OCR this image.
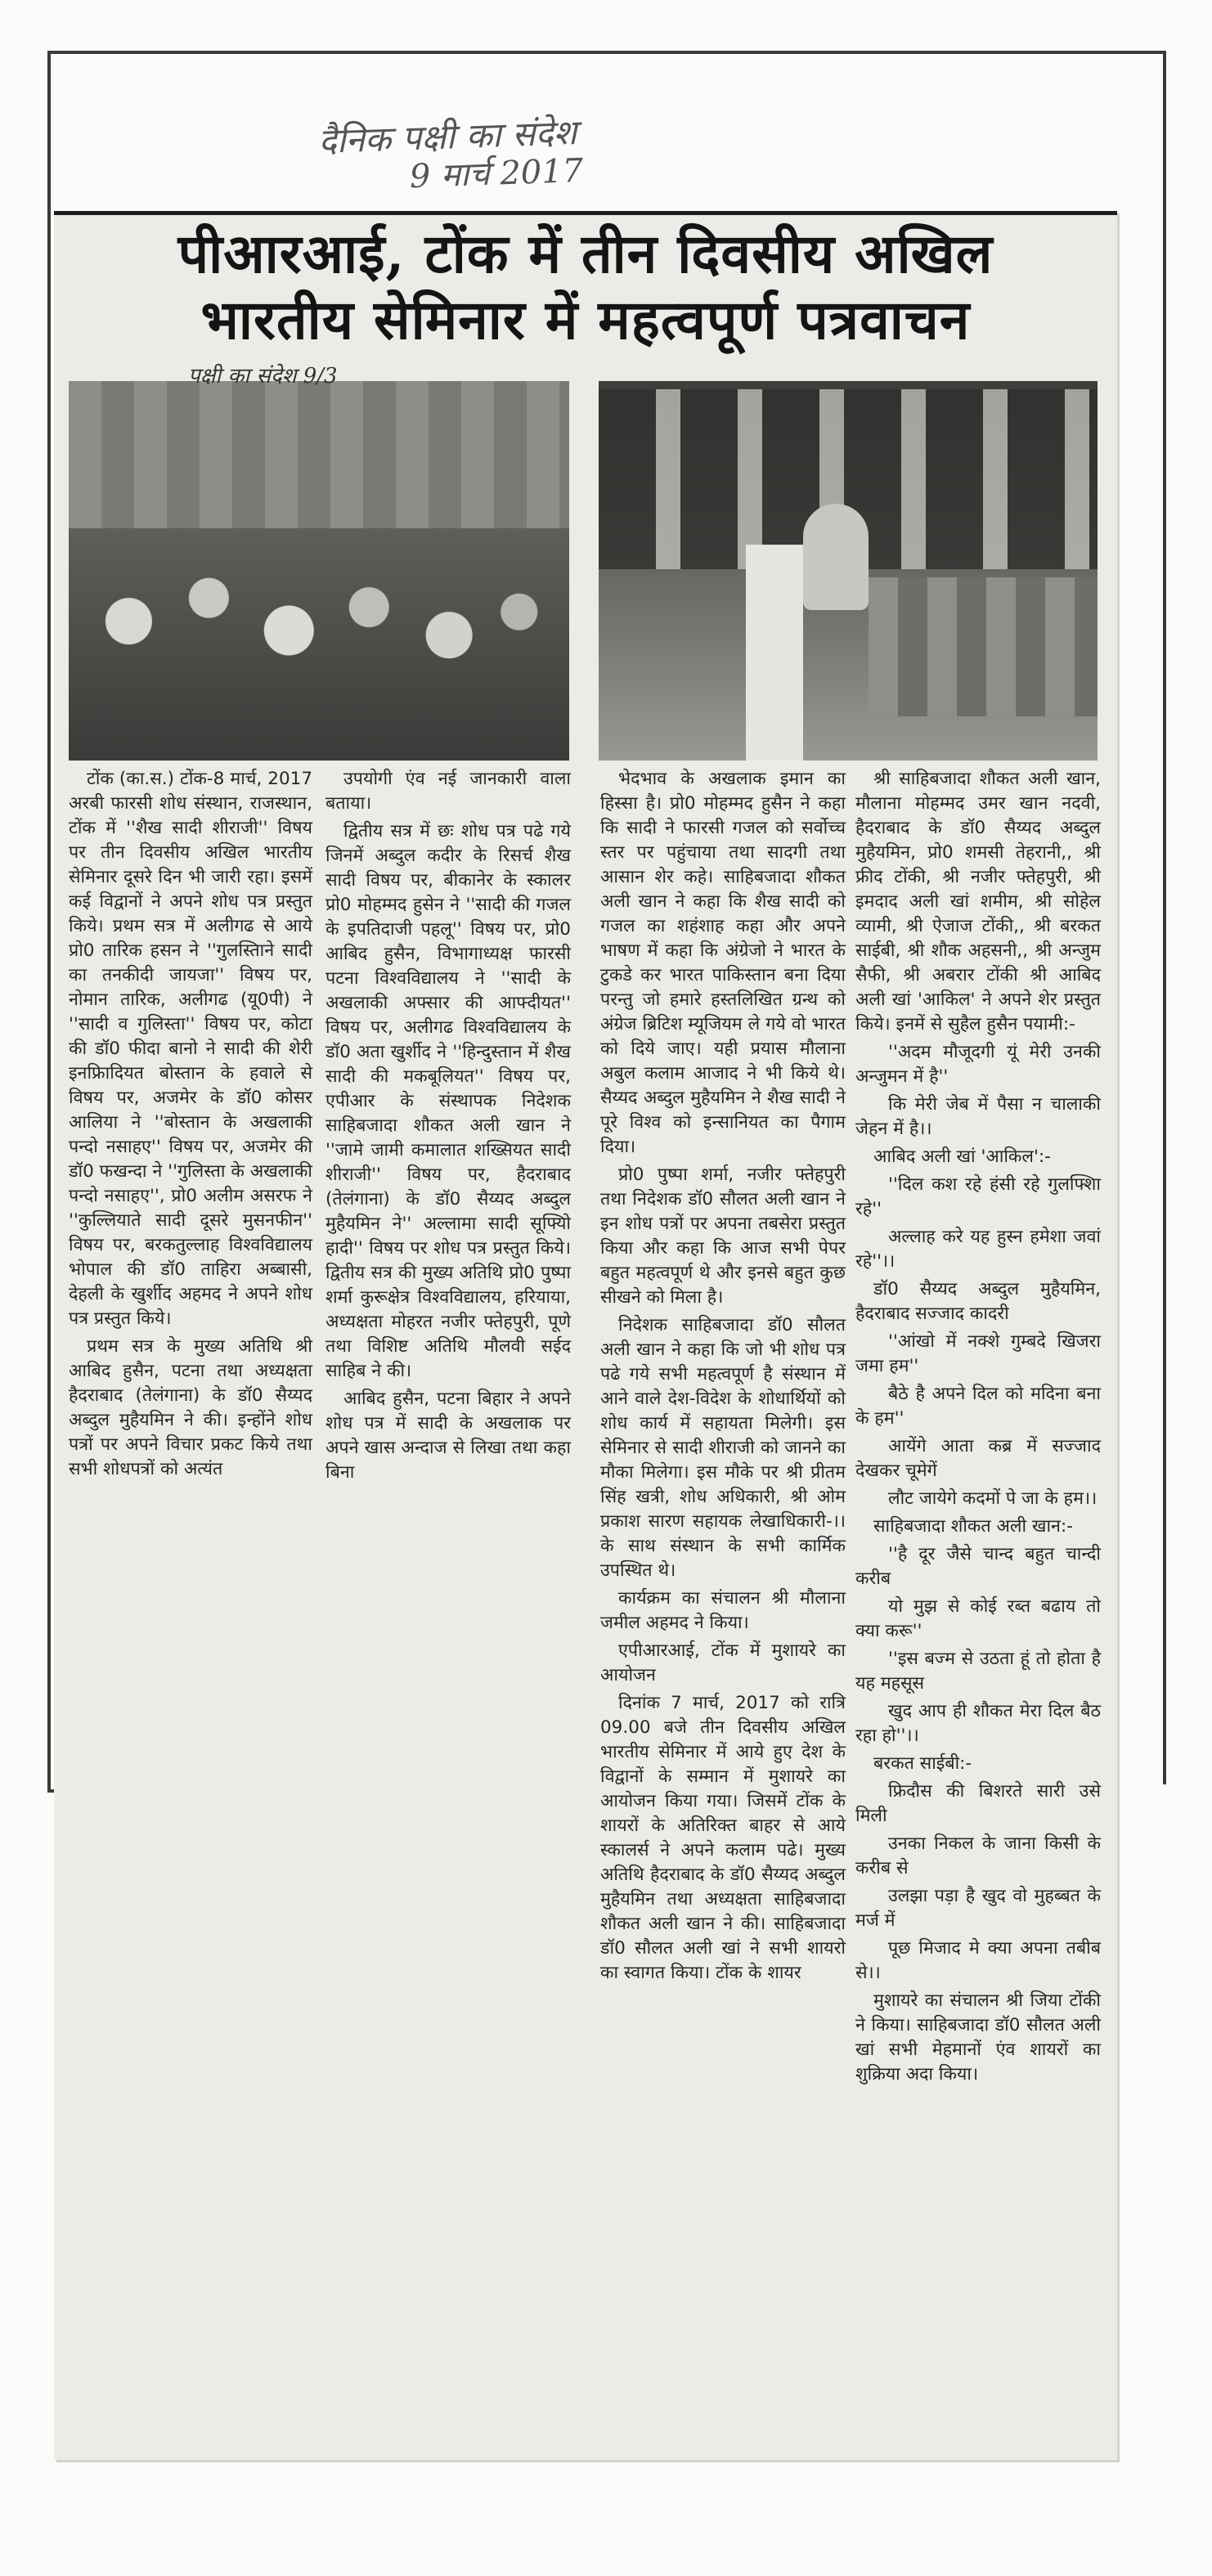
दैनिक पक्षी का संदेश
9 मार्च 2017
पीआरआई, टोंक में तीन दिवसीय अखिल
भारतीय सेमिनार में महत्वपूर्ण पत्रवाचन
पक्षी का संदेश 9/3

टोंक (का.स.) टोंक-8 मार्च, 2017 अरबी फारसी शोध संस्थान, राजस्थान, टोंक में ''शैख सादी शीराजी'' विषय पर तीन दिवसीय अखिल भारतीय सेमिनार दूसरे दिन भी जारी रहा। इसमें कई विद्वानों ने अपने शोध पत्र प्रस्तुत किये। प्रथम सत्र में अलीगढ से आये प्रो0 तारिक हसन ने ''गुलस्तिाने सादी का तनकीदी जायजा'' विषय पर, नोमान तारिक, अलीगढ (यू0पी) ने ''सादी व गुलिस्ता'' विषय पर, कोटा की डॉ0 फीदा बानो ने सादी की शेरी इनफ्रिादियत बोस्तान के हवाले से विषय पर, अजमेर के डॉ0 कोसर आलिया ने ''बोस्तान के अखलाकी पन्दो नसाहए'' विषय पर, अजमेर की डॉ0 फखन्दा ने ''गुलिस्ता के अखलाकी पन्दो नसाहए'', प्रो0 अलीम असरफ ने ''कुल्लियाते सादी दूसरे मुसनफीन'' विषय पर, बरकतुल्लाह विश्वविद्यालय भोपाल की डॉ0 ताहिरा अब्बासी, देहली के खुर्शीद अहमद ने अपने शोध पत्र प्रस्तुत किये।

प्रथम सत्र के मुख्य अतिथि श्री आबिद हुसैन, पटना तथा अध्यक्षता हैदराबाद (तेलंगाना) के डॉ0 सैय्यद अब्दुल मुहैयमिन ने की। इन्होंने शोध पत्रों पर अपने विचार प्रकट किये तथा सभी शोधपत्रों को अत्यंत

उपयोगी एंव नई जानकारी वाला बताया।

द्वितीय सत्र में छः शोध पत्र पढे गये जिनमें अब्दुल कदीर के रिसर्च शैख सादी विषय पर, बीकानेर के स्कालर प्रो0 मोहम्मद हुसेन ने ''सादी की गजल के इपतिदाजी पहलू'' विषय पर, प्रो0 आबिद हुसैन, विभागाध्यक्ष फारसी पटना विश्वविद्यालय ने ''सादी के अखलाकी अफ्सार की आफ्दीयत'' विषय पर, अलीगढ विश्वविद्यालय के डॉ0 अता खुर्शीद ने ''हिन्दुस्तान में शैख सादी की मकबूलियत'' विषय पर, एपीआर के संस्थापक निदेशक साहिबजादा शौकत अली खान ने ''जामे जामी कमालात शख्सियत सादी शीराजी'' विषय पर, हैदराबाद (तेलंगाना) के डॉ0 सैय्यद अब्दुल मुहैयमिन ने'' अल्लामा सादी सूफ्यिो हादी'' विषय पर शोध पत्र प्रस्तुत किये। द्वितीय सत्र की मुख्य अतिथि प्रो0 पुष्पा शर्मा कुरूक्षेत्र विश्वविद्यालय, हरियाया, अध्यक्षता मोहरत नजीर फ्तेहपुरी, पूणे तथा विशिष्ट अतिथि मौलवी सईद साहिब ने की।

आबिद हुसैन, पटना बिहार ने अपने शोध पत्र में सादी के अखलाक पर अपने खास अन्दाज से लिखा तथा कहा बिना

भेदभाव के अखलाक इमान का हिस्सा है। प्रो0 मोहम्मद हुसैन ने कहा कि सादी ने फारसी गजल को सर्वोच्च स्तर पर पहुंचाया तथा सादगी तथा आसान शेर कहे। साहिबजादा शौकत अली खान ने कहा कि शैख सादी को गजल का शहंशाह कहा और अपने भाषण में कहा कि अंग्रेजो ने भारत के टुकडे कर भारत पाकिस्तान बना दिया परन्तु जो हमारे हस्तलिखित ग्रन्थ को अंग्रेज ब्रिटिश म्यूजियम ले गये वो भारत को दिये जाए। यही प्रयास मौलाना अबुल कलाम आजाद ने भी किये थे। सैय्यद अब्दुल मुहैयमिन ने शैख सादी ने पूरे विश्व को इन्सानियत का पैगाम दिया।

प्रो0 पुष्पा शर्मा, नजीर फ्तेहपुरी तथा निदेशक डॉ0 सौलत अली खान ने इन शोध पत्रों पर अपना तबसेरा प्रस्तुत किया और कहा कि आज सभी पेपर बहुत महत्वपूर्ण थे और इनसे बहुत कुछ सीखने को मिला है।

निदेशक साहिबजादा डॉ0 सौलत अली खान ने कहा कि जो भी शोध पत्र पढे गये सभी महत्वपूर्ण है संस्थान में आने वाले देश-विदेश के शोधार्थियों को शोध कार्य में सहायता मिलेगी। इस सेमिनार से सादी शीराजी को जानने का मौका मिलेगा। इस मौके पर श्री प्रीतम सिंह खत्री, शोध अधिकारी, श्री ओम प्रकाश सारण सहायक लेखाधिकारी-।। के साथ संस्थान के सभी कार्मिक उपस्थित थे।

कार्यक्रम का संचालन श्री मौलाना जमील अहमद ने किया।

एपीआरआई, टोंक में मुशायरे का आयोजन

दिनांक 7 मार्च, 2017 को रात्रि 09.00 बजे तीन दिवसीय अखिल भारतीय सेमिनार में आये हुए देश के विद्वानों के सम्मान में मुशायरे का आयोजन किया गया। जिसमें टोंक के शायरों के अतिरिक्त बाहर से आये स्कालर्स ने अपने कलाम पढे। मुख्य अतिथि हैदराबाद के डॉ0 सैय्यद अब्दुल मुहैयमिन तथा अध्यक्षता साहिबजादा शौकत अली खान ने की। साहिबजादा डॉ0 सौलत अली खां ने सभी शायरो का स्वागत किया। टोंक के शायर

श्री साहिबजादा शौकत अली खान, मौलाना मोहम्मद उमर खान नदवी, हैदराबाद के डॉ0 सैय्यद अब्दुल मुहैयमिन, प्रो0 शमसी तेहरानी,, श्री फ्रीद टोंकी, श्री नजीर फ्तेहपुरी, श्री इमदाद अली खां शमीम, श्री सोहेल व्यामी, श्री ऐजाज टोंकी,, श्री बरकत साईबी, श्री शौक अहसनी,, श्री अन्जुम सैफी, श्री अबरार टोंकी श्री आबिद अली खां 'आकिल' ने अपने शेर प्रस्तुत किये। इनमें से सुहैल हुसैन पयामी:-

''अदम मौजूदगी यूं मेरी उनकी अन्जुमन में है''

कि मेरी जेब में पैसा न चालाकी जेहन में है।।

आबिद अली खां 'आकिल':-

''दिल कश रहे हंसी रहे गुलफ्शिा रहे''

अल्लाह करे यह हुस्न हमेशा जवां रहे''।।

डॉ0 सैय्यद अब्दुल मुहैयमिन, हैदराबाद सज्जाद कादरी

''आंखो में नक्शे गुम्बदे खिजरा जमा हम''

बैठे है अपने दिल को मदिना बना के हम''

आयेंगे आता कब्र में सज्जाद देखकर चूमेगें

लौट जायेगे कदमों पे जा के हम।।

साहिबजादा शौकत अली खान:-

''है दूर जैसे चान्द बहुत चान्दी करीब

यो मुझ से कोई रब्त बढाय तो क्या करू''

''इस बज्म से उठता हूं तो होता है यह महसूस

खुद आप ही शौकत मेरा दिल बैठ रहा हो''।।

बरकत साईबी:-

फ्रिदौस की बिशरते सारी उसे मिली

उनका निकल के जाना किसी के करीब से

उलझा पड़ा है खुद वो मुहब्बत के मर्ज में

पूछ मिजाद मे क्या अपना तबीब से।।

मुशायरे का संचालन श्री जिया टोंकी ने किया। साहिबजादा डॉ0 सौलत अली खां सभी मेहमानों एंव शायरों का शुक्रिया अदा किया।
